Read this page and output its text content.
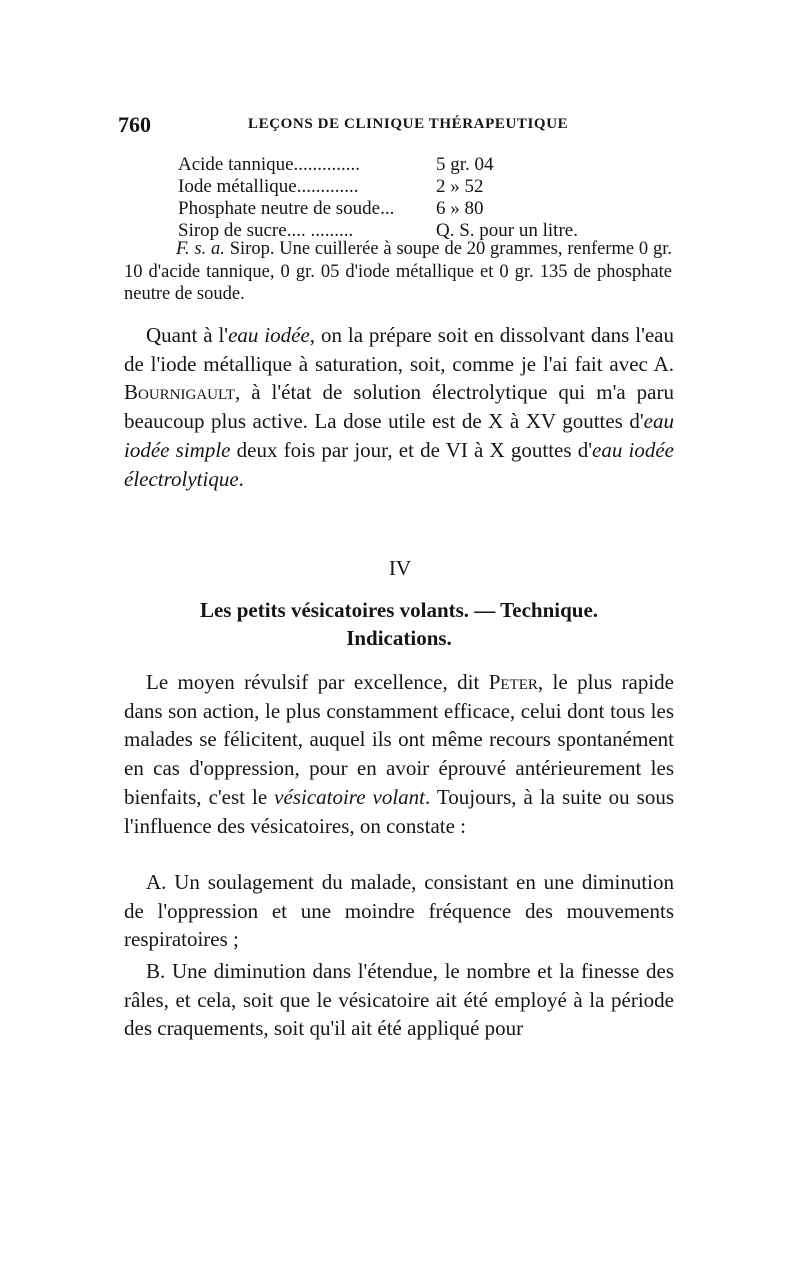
760	LEÇONS DE CLINIQUE THÉRAPEUTIQUE
Acide tannique..............	5 gr. 04
Iode métallique.............	2 » 52
Phosphate neutre de soude... 6 » 80
Sirop de sucre.... .........	Q. S. pour un litre.

F. s. a. Sirop. Une cuillerée à soupe de 20 grammes, renferme 0 gr. 10 d'acide tannique, 0 gr. 05 d'iode métallique et 0 gr. 135 de phosphate neutre de soude.

Quant à l'eau iodée, on la prépare soit en dissolvant dans l'eau de l'iode métallique à saturation, soit, comme je l'ai fait avec A. Bournigault, à l'état de solution électrolytique qui m'a paru beaucoup plus active. La dose utile est de X à XV gouttes d'eau iodée simple deux fois par jour, et de VI à X gouttes d'eau iodée électrolytique.

IV
Les petits vésicatoires volants. — Technique.
Indications.

Le moyen révulsif par excellence, dit Peter, le plus rapide dans son action, le plus constamment efficace, celui dont tous les malades se félicitent, auquel ils ont même recours spontanément en cas d'oppression, pour en avoir éprouvé antérieurement les bienfaits, c'est le vésicatoire volant. Toujours, à la suite ou sous l'influence des vésicatoires, on constate :

A. Un soulagement du malade, consistant en une diminution de l'oppression et une moindre fréquence des mouvements respiratoires ;

B. Une diminution dans l'étendue, le nombre et la finesse des râles, et cela, soit que le vésicatoire ait été employé à la période des craquements, soit qu'il ait été appliqué pour
